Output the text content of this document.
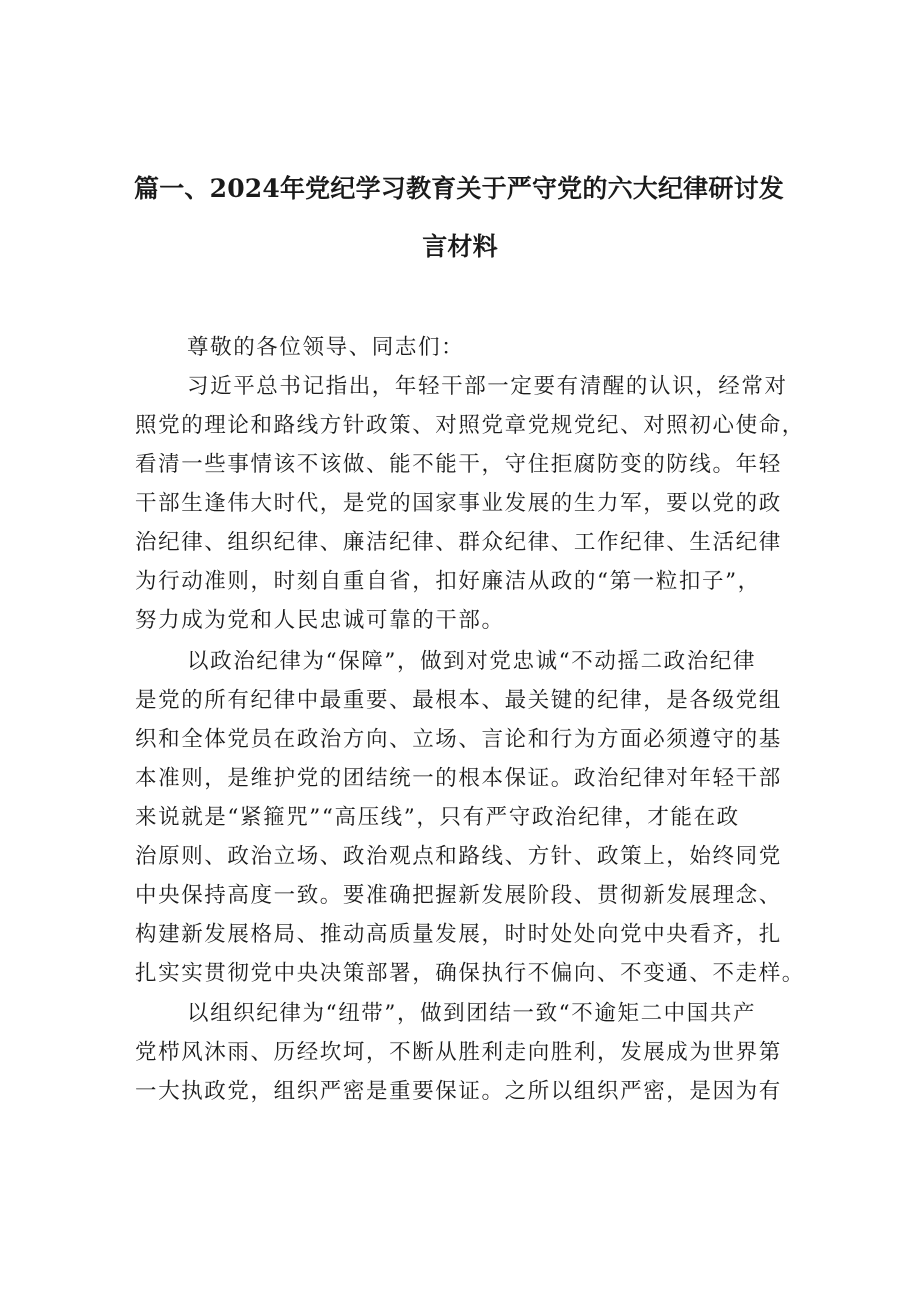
篇一、2024年党纪学习教育关于严守党的六大纪律研讨发
言材料
尊敬的各位领导、同志们：
习近平总书记指出，年轻干部一定要有清醒的认识，经常对
照党的理论和路线方针政策、对照党章党规党纪、对照初心使命，
看清一些事情该不该做、能不能干，守住拒腐防变的防线。年轻
干部生逢伟大时代，是党的国家事业发展的生力军，要以党的政
治纪律、组织纪律、廉洁纪律、群众纪律、工作纪律、生活纪律
为行动准则，时刻自重自省，扣好廉洁从政的“第一粒扣子”，
努力成为党和人民忠诚可靠的干部。
以政治纪律为“保障”，做到对党忠诚“不动摇二政治纪律
是党的所有纪律中最重要、最根本、最关键的纪律，是各级党组
织和全体党员在政治方向、立场、言论和行为方面必须遵守的基
本准则，是维护党的团结统一的根本保证。政治纪律对年轻干部
来说就是“紧箍咒”“高压线”，只有严守政治纪律，才能在政
治原则、政治立场、政治观点和路线、方针、政策上，始终同党
中央保持高度一致。要准确把握新发展阶段、贯彻新发展理念、
构建新发展格局、推动高质量发展，时时处处向党中央看齐，扎
扎实实贯彻党中央决策部署，确保执行不偏向、不变通、不走样。
以组织纪律为“纽带”，做到团结一致“不逾矩二中国共产
党栉风沐雨、历经坎坷，不断从胜利走向胜利，发展成为世界第
一大执政党，组织严密是重要保证。之所以组织严密，是因为有
